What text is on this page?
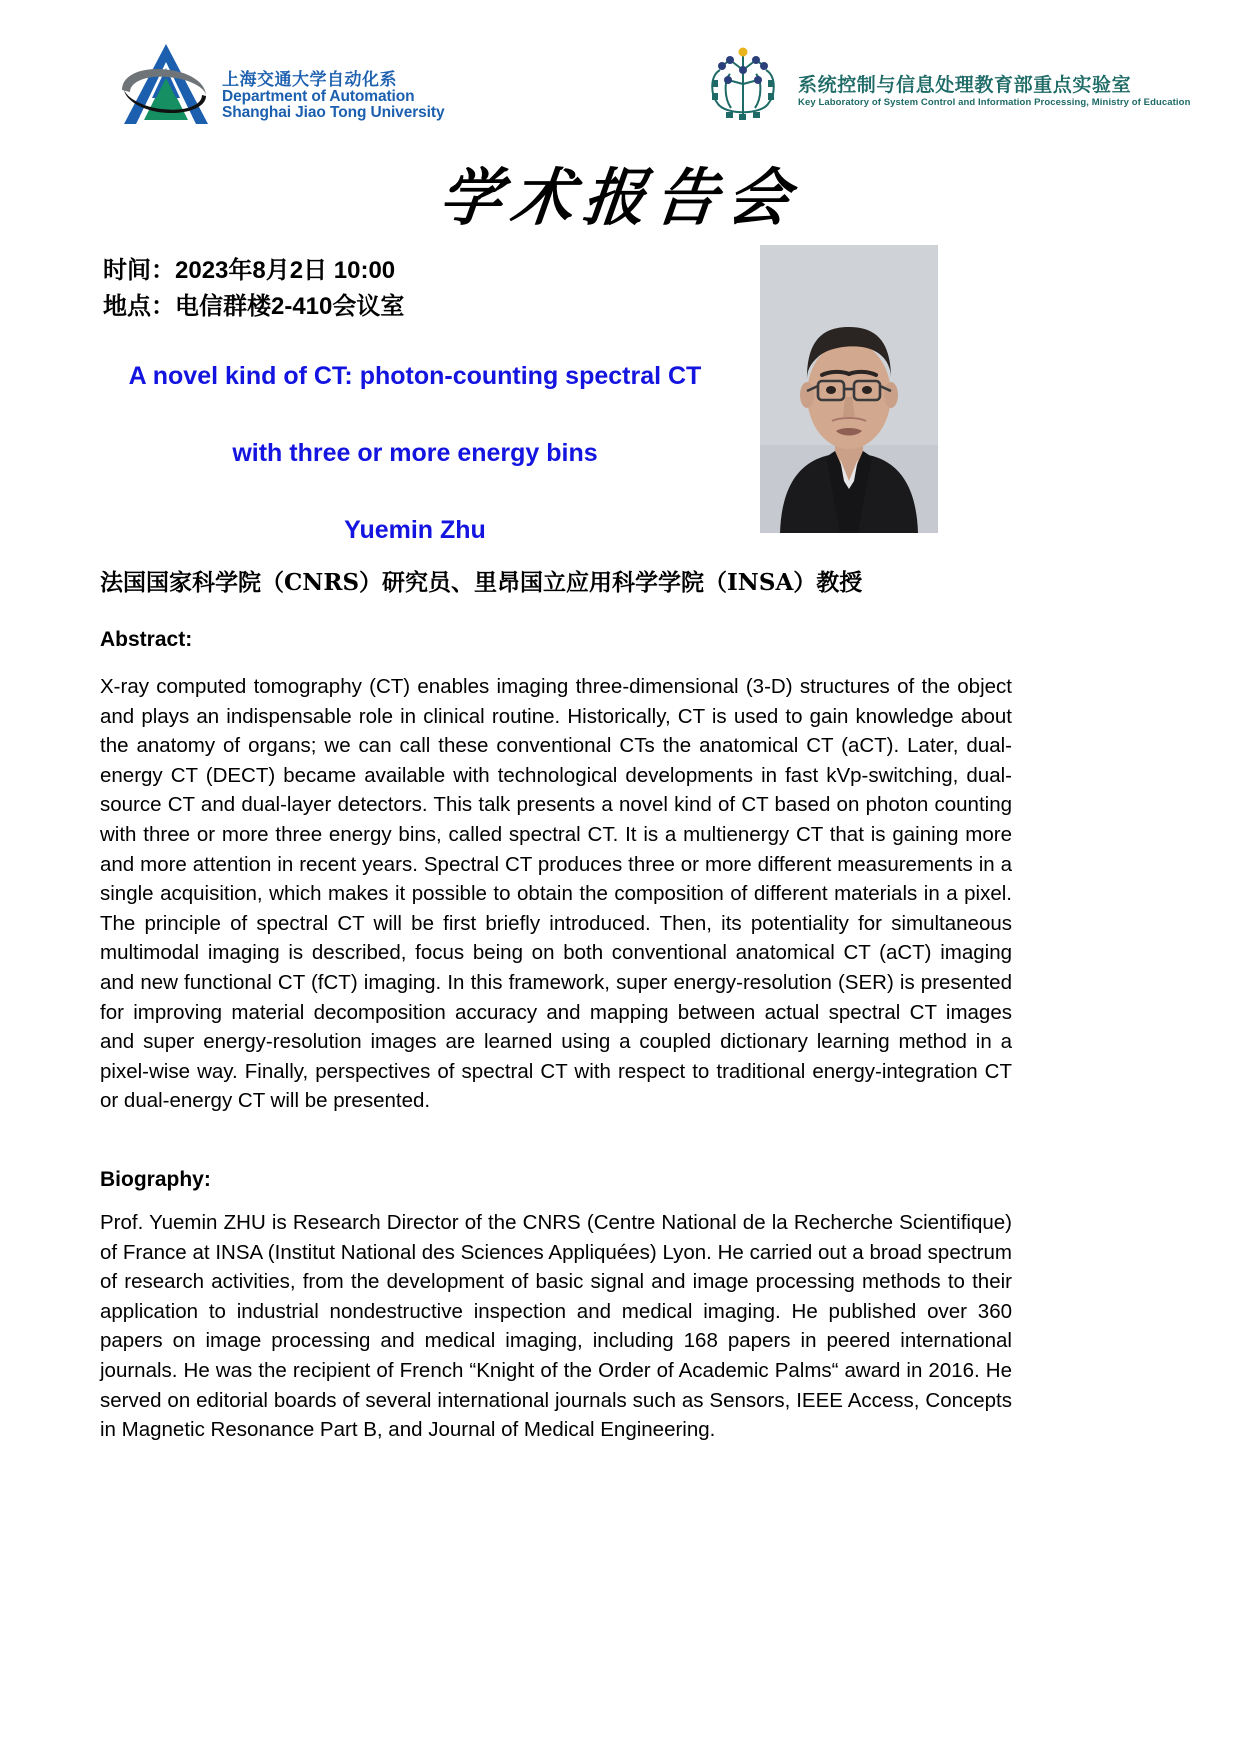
上海交通大学自动化系
Department of Automation
Shanghai Jiao Tong University
系统控制与信息处理教育部重点实验室
Key Laboratory of System Control and Information Processing, Ministry of Education
学术报告会
时间：2023年8月2日 10:00
地点：电信群楼2-410会议室
A novel kind of CT: photon-counting spectral CT
with three or more energy bins
Yuemin Zhu
法国国家科学院（CNRS）研究员、里昂国立应用科学学院（INSA）教授
Abstract:
X-ray computed tomography (CT) enables imaging three-dimensional (3-D) structures of the object and plays an indispensable role in clinical routine. Historically, CT is used to gain knowledge about the anatomy of organs; we can call these conventional CTs the anatomical CT (aCT). Later, dual-energy CT (DECT) became available with technological developments in fast kVp-switching, dual-source CT and dual-layer detectors. This talk presents a novel kind of CT based on photon counting with three or more three energy bins, called spectral CT. It is a multienergy CT that is gaining more and more attention in recent years. Spectral CT produces three or more different measurements in a single acquisition, which makes it possible to obtain the composition of different materials in a pixel. The principle of spectral CT will be first briefly introduced. Then, its potentiality for simultaneous multimodal imaging is described, focus being on both conventional anatomical CT (aCT) imaging and new functional CT (fCT) imaging. In this framework, super energy-resolution (SER) is presented for improving material decomposition accuracy and mapping between actual spectral CT images and super energy-resolution images are learned using a coupled dictionary learning method in a pixel-wise way. Finally, perspectives of spectral CT with respect to traditional energy-integration CT or dual-energy CT will be presented.
Biography:
Prof. Yuemin ZHU is Research Director of the CNRS (Centre National de la Recherche Scientifique) of France at INSA (Institut National des Sciences Appliquées) Lyon. He carried out a broad spectrum of research activities, from the development of basic signal and image processing methods to their application to industrial nondestructive inspection and medical imaging. He published over 360 papers on image processing and medical imaging, including 168 papers in peered international journals. He was the recipient of French “Knight of the Order of Academic Palms“ award in 2016. He served on editorial boards of several international journals such as Sensors, IEEE Access, Concepts in Magnetic Resonance Part B, and Journal of Medical Engineering.
